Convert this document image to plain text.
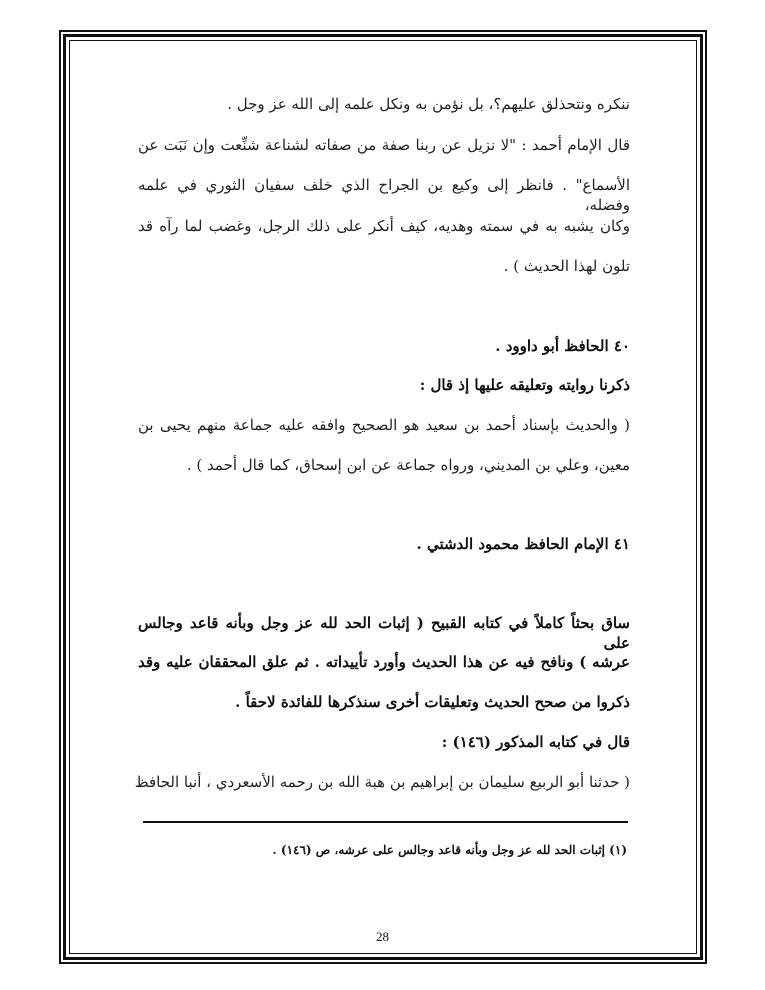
ننكره ونتحذلق عليهم؟، بل نؤمن به ونكل علمه إلى الله عز وجل .
قال الإمام أحمد : "لا نزيل عن ربنا صفة من صفاته لشناعة شنِّعت وإن نَبَت عن
الأسماع" . فانظر إلى وكيع بن الجراح الذي خلف سفيان الثوري في علمه وفضله،
وكان يشبه به في سمته وهديه، كيف أنكر على ذلك الرجل، وغضب لما رآه قد
تلون لهذا الحديث ) .
٤٠ الحافظ أبو داوود .
ذكرنا روايته وتعليقه عليها إذ قال :
( والحديث بإسناد أحمد بن سعيد هو الصحيح وافقه عليه جماعة منهم يحيى بن
معين، وعلي بن المديني، ورواه جماعة عن ابن إسحاق، كما قال أحمد ) .
٤١ الإمام الحافظ محمود الدشتي .
ساق بحثاً كاملاً في كتابه القبيح ( إثبات الحد لله عز وجل وبأنه قاعد وجالس على
عرشه ) ونافح فيه عن هذا الحديث وأورد تأييداته . ثم علق المحققان عليه وقد
ذكروا من صحح الحديث وتعليقات أخرى سنذكرها للفائدة لاحقاً .
قال في كتابه المذكور (١٤٦) :
( حدثنا أبو الربيع سليمان بن إبراهيم بن هبة الله بن رحمه الأسعردي ، أنبا الحافظ
(١) إثبات الحد لله عز وجل وبأنه قاعد وجالس على عرشه، ص (١٤٦) .
28
